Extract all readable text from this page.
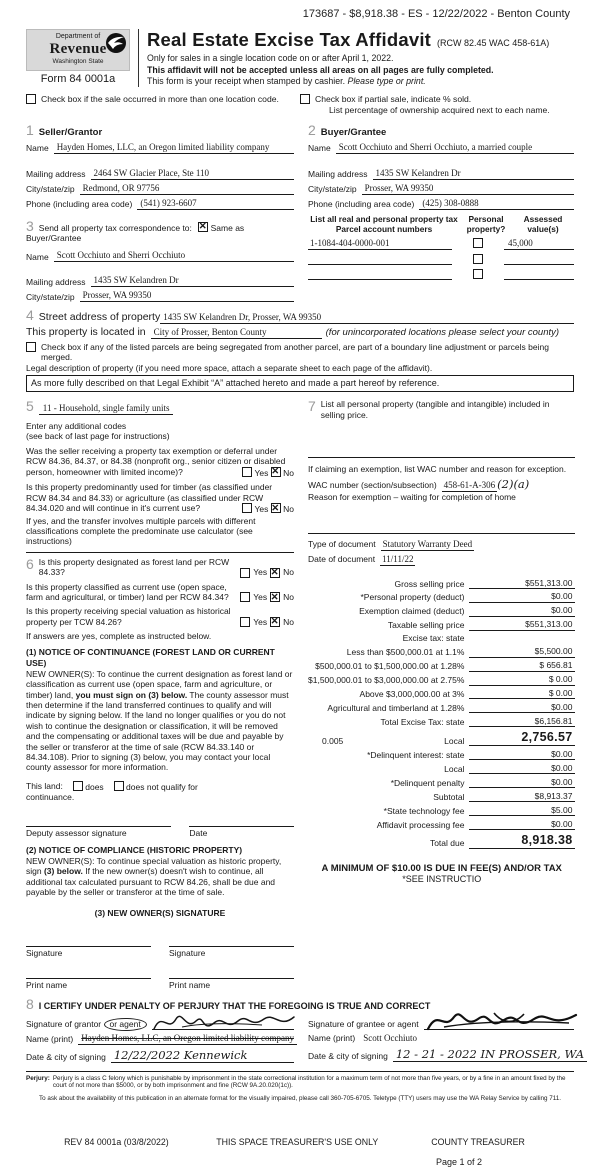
173687 - $8,918.38 - ES - 12/22/2022 - Benton County
Department of
Revenue
Washington State
Form 84 0001a
Real Estate Excise Tax Affidavit (RCW 82.45 WAC 458-61A)
Only for sales in a single location code on or after April 1, 2022.
This affidavit will not be accepted unless all areas on all pages are fully completed.
This form is your receipt when stamped by cashier. Please type or print.
Check box if the sale occurred in more than one location code.	Check box if partial sale, indicate % sold.
List percentage of ownership acquired next to each name.
1 Seller/Grantor
Name Hayden Homes, LLC, an Oregon limited liability company
Mailing address 2464 SW Glacier Place, Ste 110
City/state/zip Redmond, OR 97756
Phone (including area code) (541) 923-6607
3 Send all property tax correspondence to: ✕ Same as Buyer/Grantee
Name Scott Occhiuto and Sherri Occhiuto
Mailing address 1435 SW Kelandren Dr
City/state/zip Prosser, WA 99350
2 Buyer/Grantee
Name Scott Occhiuto and Sherri Occhiuto, a married couple
Mailing address 1435 SW Kelandren Dr
City/state/zip Prosser, WA 99350
Phone (including area code) (425) 308-0888
List all real and personal property tax
Parcel account numbers
Personal
property?
Assessed
value(s)
1-1084-404-0000-001	45,000
4 Street address of property 1435 SW Kelandren Dr, Prosser, WA 99350
This property is located in City of Prosser, Benton County	(for unincorporated locations please select your county)
Check box if any of the listed parcels are being segregated from another parcel, are part of a boundary line adjustment or parcels being merged.
Legal description of property (if you need more space, attach a separate sheet to each page of the affidavit).
As more fully described on that Legal Exhibit “A” attached hereto and made a part hereof by reference.
5	11 - Household, single family units
Enter any additional codes
(see back of last page for instructions)
Was the seller receiving a property tax exemption or deferral under RCW 84.36, 84.37, or 84.38 (nonprofit org., senior citizen or disabled person, homeowner with limited income)?	Yes ✕ No
Is this property predominantly used for timber (as classified under RCW 84.34 and 84.33) or agriculture (as classified under RCW 84.34.020 and will continue in it's current use?	Yes ✕ No
If yes, and the transfer involves multiple parcels with different classifications complete the predominate use calculator (see instructions)
6 Is this property designated as forest land per RCW 84.33?	Yes ✕ No
Is this property classified as current use (open space, farm and agricultural, or timber) land per RCW 84.34?	Yes ✕ No
Is this property receiving special valuation as historical property per TCW 84.26?	Yes ✕ No
If answers are yes, complete as instructed below.
(1) NOTICE OF CONTINUANCE (FOREST LAND OR CURRENT USE)
NEW OWNER(S): To continue the current designation as forest land or classification as current use (open space, farm and agriculture, or timber) land, you must sign on (3) below. The county assessor must then determine if the land transferred continues to qualify and will indicate by signing below. If the land no longer qualifies or you do not wish to continue the designation or classification, it will be removed and the compensating or additional taxes will be due and payable by the seller or transferor at the time of sale (RCW 84.33.140 or 84.34.108). Prior to signing (3) below, you may contact your local county assessor for more information.
This land:	does	does not qualify for
continuance.
Deputy assessor signature	Date
(2) NOTICE OF COMPLIANCE (HISTORIC PROPERTY)
NEW OWNER(S): To continue special valuation as historic property, sign (3) below. If the new owner(s) doesn't wish to continue, all additional tax calculated pursuant to RCW 84.26, shall be due and payable by the seller or transferor at the time of sale.
(3) NEW OWNER(S) SIGNATURE
Signature	Signature
Print name	Print name
7 List all personal property (tangible and intangible) included in selling price.
If claiming an exemption, list WAC number and reason for exception.
WAC number (section/subsection) 458-61-A-306 (2)(a)
Reason for exemption – waiting for completion of home
Type of document Statutory Warranty Deed
Date of document 11/11/22
Gross selling price	$551,313.00
*Personal property (deduct)	$0.00
Exemption claimed (deduct)	$0.00
Taxable selling price	$551,313.00
Excise tax: state
Less than $500,000.01 at 1.1%	$5,500.00
$500,000.01 to $1,500,000.00 at 1.28%	$ 656.81
$1,500,000.01 to $3,000,000.00 at 2.75%	$ 0.00
Above $3,000,000.00 at 3%	$ 0.00
Agricultural and timberland at 1.28%	$0.00
Total Excise Tax: state	$6,156.81
0.005	Local	2,756.57
*Delinquent interest: state	$0.00
Local	$0.00
*Delinquent penalty	$0.00
Subtotal	$8,913.37
*State technology fee	$5.00
Affidavit processing fee	$0.00
Total due	8,918.38
A MINIMUM OF $10.00 IS DUE IN FEE(S) AND/OR TAX
*SEE INSTRUCTIO
8 I CERTIFY UNDER PENALTY OF PERJURY THAT THE FOREGOING IS TRUE AND CORRECT
Signature of grantor or agent
Name (print) Hayden Homes, LLC, an Oregon limited liability company
Date & city of signing 12/22/2022 Kennewick
Signature of grantee or agent
Name (print) Scott Occhiuto
Date & city of signing 12 - 21 - 2022 IN PROSSER, WA
Perjury: Perjury is a class C felony which is punishable by imprisonment in the state correctional institution for a maximum term of not more than five years, or by a fine in an amount fixed by the court of not more than $5000, or by both imprisonment and fine (RCW 9A.20.020(1c)).
To ask about the availability of this publication in an alternate format for the visually impaired, please call 360-705-6705. Teletype (TTY) users may use the WA Relay Service by calling 711.
REV 84 0001a (03/8/2022)	THIS SPACE TREASURER'S USE ONLY	COUNTY TREASURER
Page 1 of 2
